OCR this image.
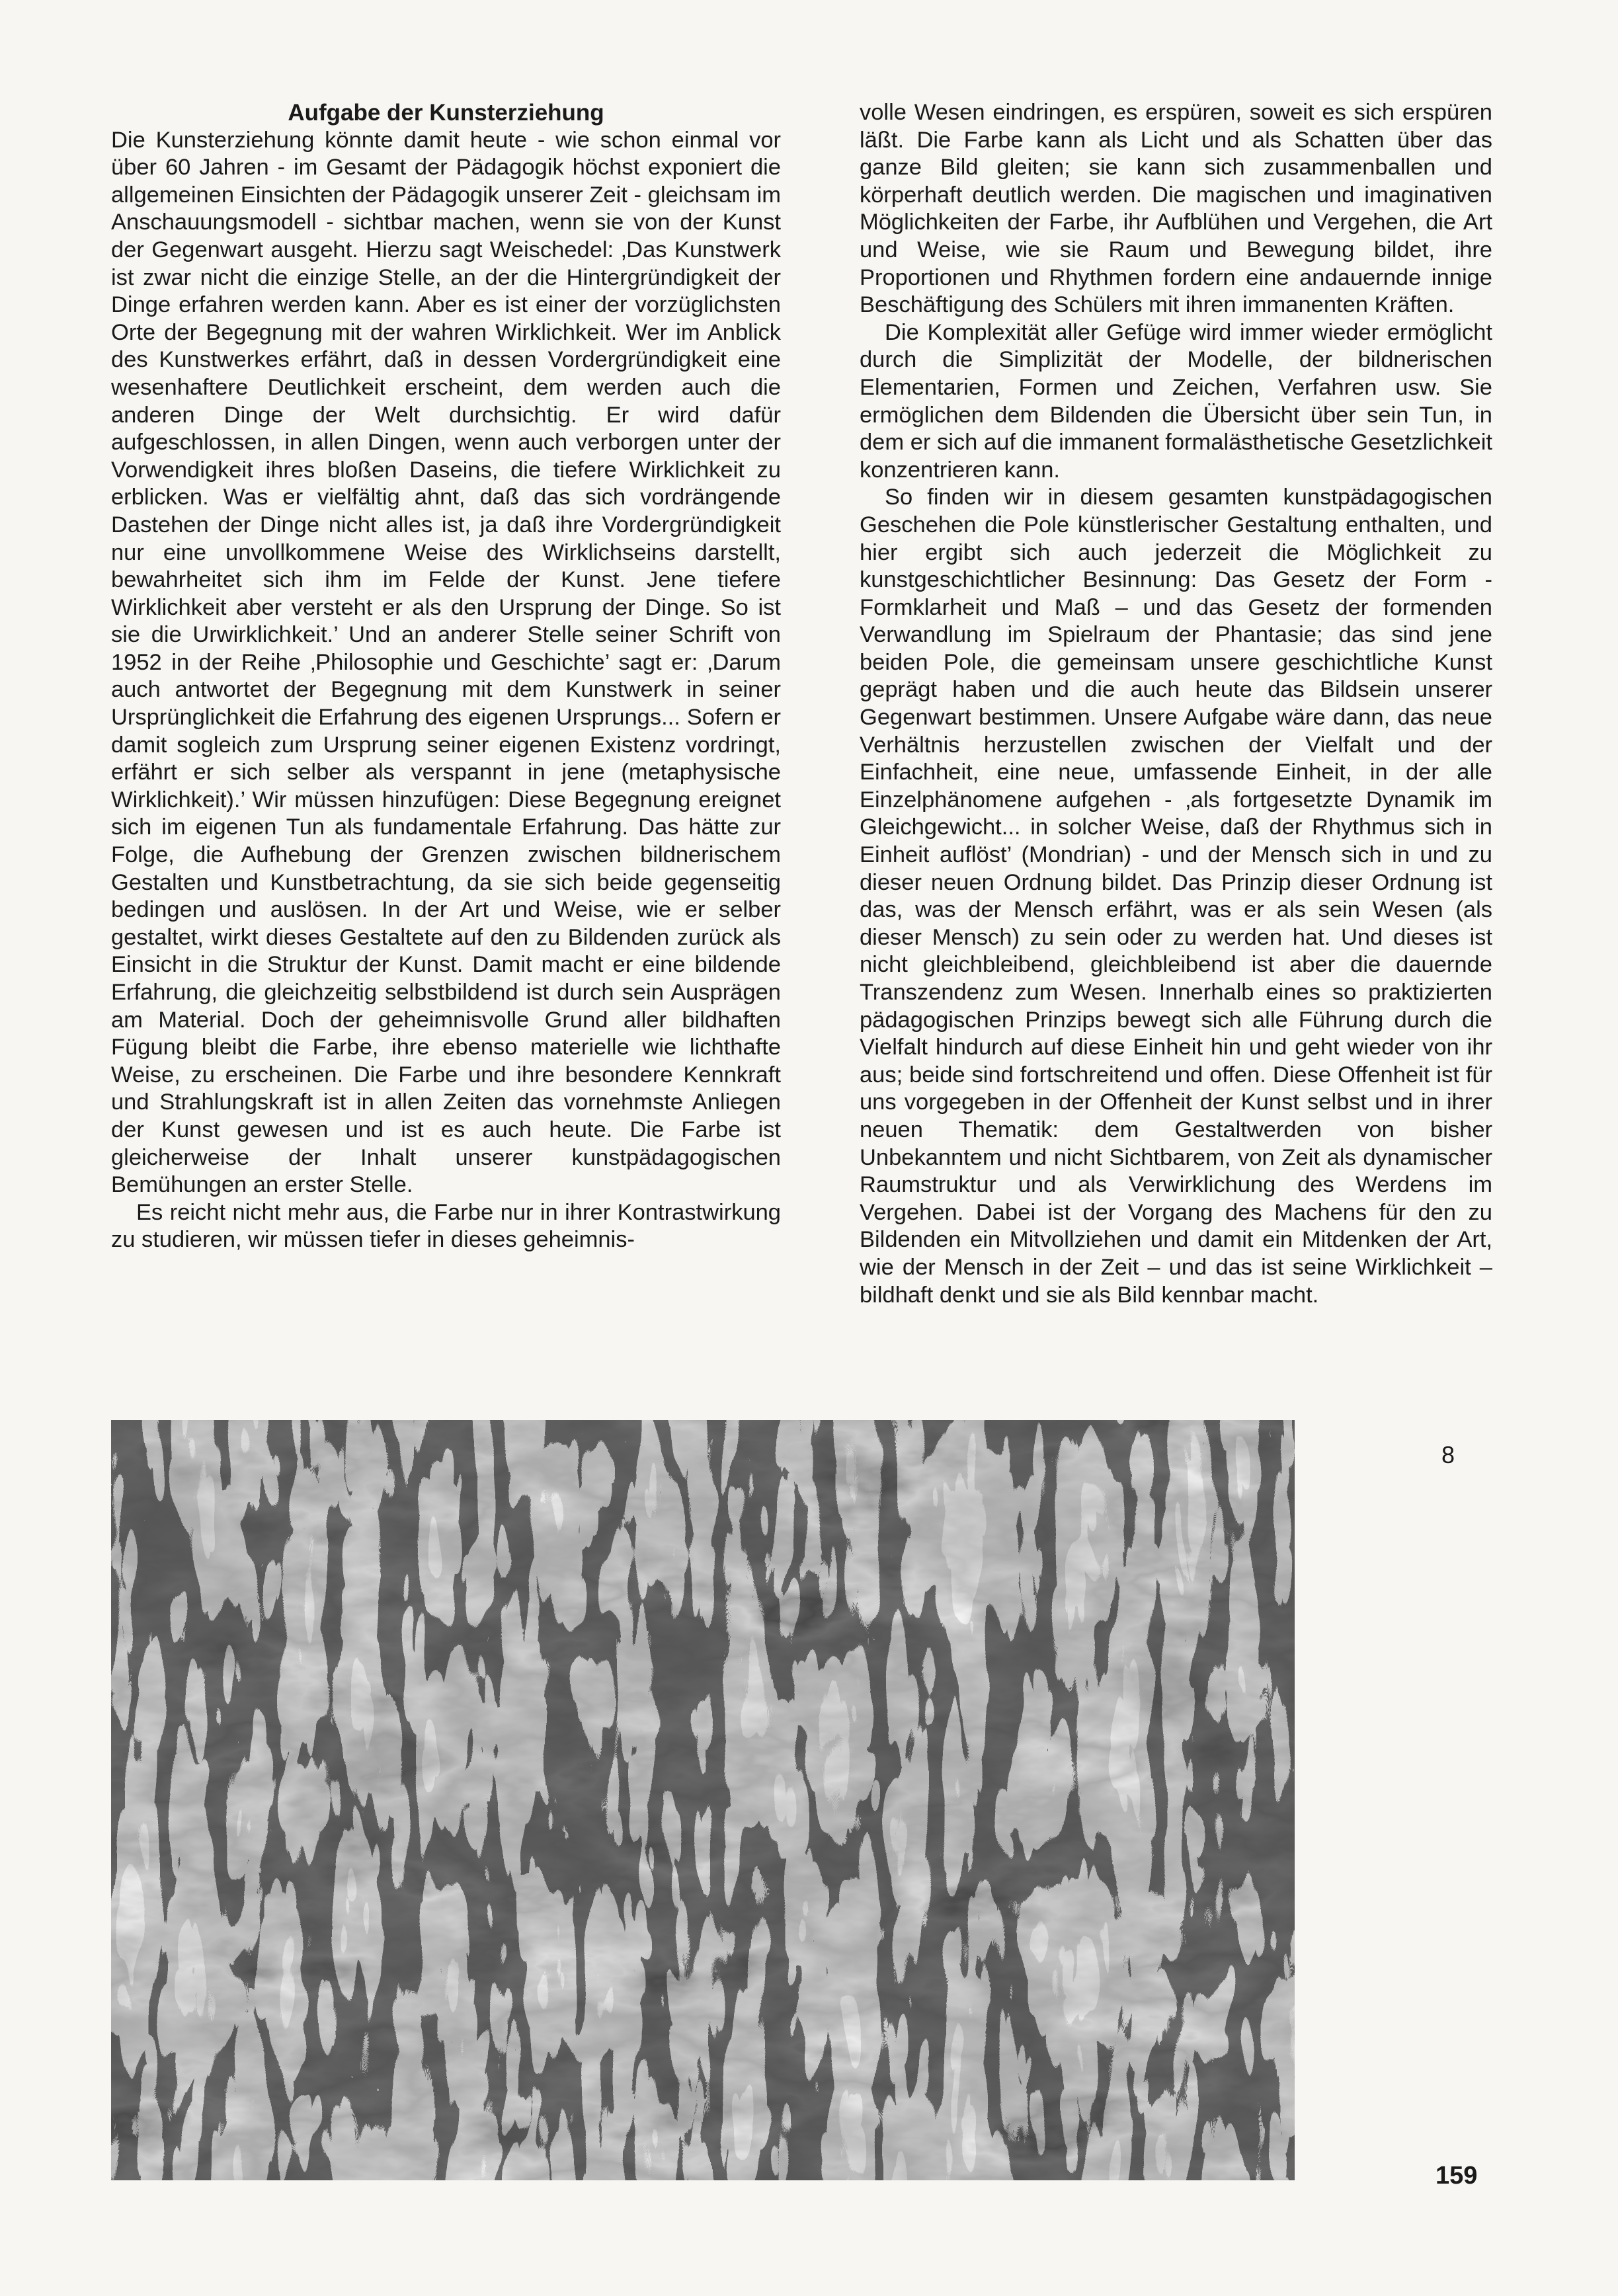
Aufgabe der Kunsterziehung

Die Kunsterziehung könnte damit heute - wie schon einmal vor über 60 Jahren - im Gesamt der Pädagogik höchst exponiert die allgemeinen Einsichten der Pädagogik unserer Zeit - gleichsam im Anschauungsmodell - sichtbar machen, wenn sie von der Kunst der Gegenwart ausgeht. Hierzu sagt Weischedel: ‚Das Kunstwerk ist zwar nicht die einzige Stelle, an der die Hintergründigkeit der Dinge erfahren werden kann. Aber es ist einer der vorzüglichsten Orte der Begegnung mit der wahren Wirklichkeit. Wer im Anblick des Kunstwerkes erfährt, daß in dessen Vordergründigkeit eine wesenhaftere Deutlichkeit erscheint, dem werden auch die anderen Dinge der Welt durchsichtig. Er wird dafür aufgeschlossen, in allen Dingen, wenn auch verborgen unter der Vorwendigkeit ihres bloßen Daseins, die tiefere Wirklichkeit zu erblicken. Was er vielfältig ahnt, daß das sich vordrängende Dastehen der Dinge nicht alles ist, ja daß ihre Vordergründigkeit nur eine unvollkommene Weise des Wirklichseins darstellt, bewahrheitet sich ihm im Felde der Kunst. Jene tiefere Wirklichkeit aber versteht er als den Ursprung der Dinge. So ist sie die Urwirklichkeit.’ Und an anderer Stelle seiner Schrift von 1952 in der Reihe ‚Philosophie und Geschichte’ sagt er: ‚Darum auch antwortet der Begegnung mit dem Kunstwerk in seiner Ursprünglichkeit die Erfahrung des eigenen Ursprungs... Sofern er damit sogleich zum Ursprung seiner eigenen Existenz vordringt, erfährt er sich selber als verspannt in jene (metaphysische Wirklichkeit).’ Wir müssen hinzufügen: Diese Begegnung ereignet sich im eigenen Tun als fundamentale Erfahrung. Das hätte zur Folge, die Aufhebung der Grenzen zwischen bildnerischem Gestalten und Kunstbetrachtung, da sie sich beide gegenseitig bedingen und auslösen. In der Art und Weise, wie er selber gestaltet, wirkt dieses Gestaltete auf den zu Bildenden zurück als Einsicht in die Struktur der Kunst. Damit macht er eine bildende Erfahrung, die gleichzeitig selbstbildend ist durch sein Ausprägen am Material. Doch der geheimnisvolle Grund aller bildhaften Fügung bleibt die Farbe, ihre ebenso materielle wie lichthafte Weise, zu erscheinen. Die Farbe und ihre besondere Kennkraft und Strahlungskraft ist in allen Zeiten das vornehmste Anliegen der Kunst gewesen und ist es auch heute. Die Farbe ist gleicherweise der Inhalt unserer kunstpädagogischen Bemühungen an erster Stelle.

Es reicht nicht mehr aus, die Farbe nur in ihrer Kontrastwirkung zu studieren, wir müssen tiefer in dieses geheimnis-

volle Wesen eindringen, es erspüren, soweit es sich erspüren läßt. Die Farbe kann als Licht und als Schatten über das ganze Bild gleiten; sie kann sich zusammenballen und körperhaft deutlich werden. Die magischen und imaginativen Möglichkeiten der Farbe, ihr Aufblühen und Vergehen, die Art und Weise, wie sie Raum und Bewegung bildet, ihre Proportionen und Rhythmen fordern eine andauernde innige Beschäftigung des Schülers mit ihren immanenten Kräften.

Die Komplexität aller Gefüge wird immer wieder ermöglicht durch die Simplizität der Modelle, der bildnerischen Elementarien, Formen und Zeichen, Verfahren usw. Sie ermöglichen dem Bildenden die Übersicht über sein Tun, in dem er sich auf die immanent formalästhetische Gesetzlichkeit konzentrieren kann.

So finden wir in diesem gesamten kunstpädagogischen Geschehen die Pole künstlerischer Gestaltung enthalten, und hier ergibt sich auch jederzeit die Möglichkeit zu kunstgeschichtlicher Besinnung: Das Gesetz der Form - Formklarheit und Maß – und das Gesetz der formenden Verwandlung im Spielraum der Phantasie; das sind jene beiden Pole, die gemeinsam unsere geschichtliche Kunst geprägt haben und die auch heute das Bildsein unserer Gegenwart bestimmen. Unsere Aufgabe wäre dann, das neue Verhältnis herzustellen zwischen der Vielfalt und der Einfachheit, eine neue, umfassende Einheit, in der alle Einzelphänomene aufgehen - ‚als fortgesetzte Dynamik im Gleichgewicht... in solcher Weise, daß der Rhythmus sich in Einheit auflöst’ (Mondrian) - und der Mensch sich in und zu dieser neuen Ordnung bildet. Das Prinzip dieser Ordnung ist das, was der Mensch erfährt, was er als sein Wesen (als dieser Mensch) zu sein oder zu werden hat. Und dieses ist nicht gleichbleibend, gleichbleibend ist aber die dauernde Transzendenz zum Wesen. Innerhalb eines so praktizierten pädagogischen Prinzips bewegt sich alle Führung durch die Vielfalt hindurch auf diese Einheit hin und geht wieder von ihr aus; beide sind fortschreitend und offen. Diese Offenheit ist für uns vorgegeben in der Offenheit der Kunst selbst und in ihrer neuen Thematik: dem Gestaltwerden von bisher Unbekanntem und nicht Sichtbarem, von Zeit als dynamischer Raumstruktur und als Verwirklichung des Werdens im Vergehen. Dabei ist der Vorgang des Machens für den zu Bildenden ein Mitvollziehen und damit ein Mitdenken der Art, wie der Mensch in der Zeit – und das ist seine Wirklichkeit – bildhaft denkt und sie als Bild kennbar macht.

8
159
